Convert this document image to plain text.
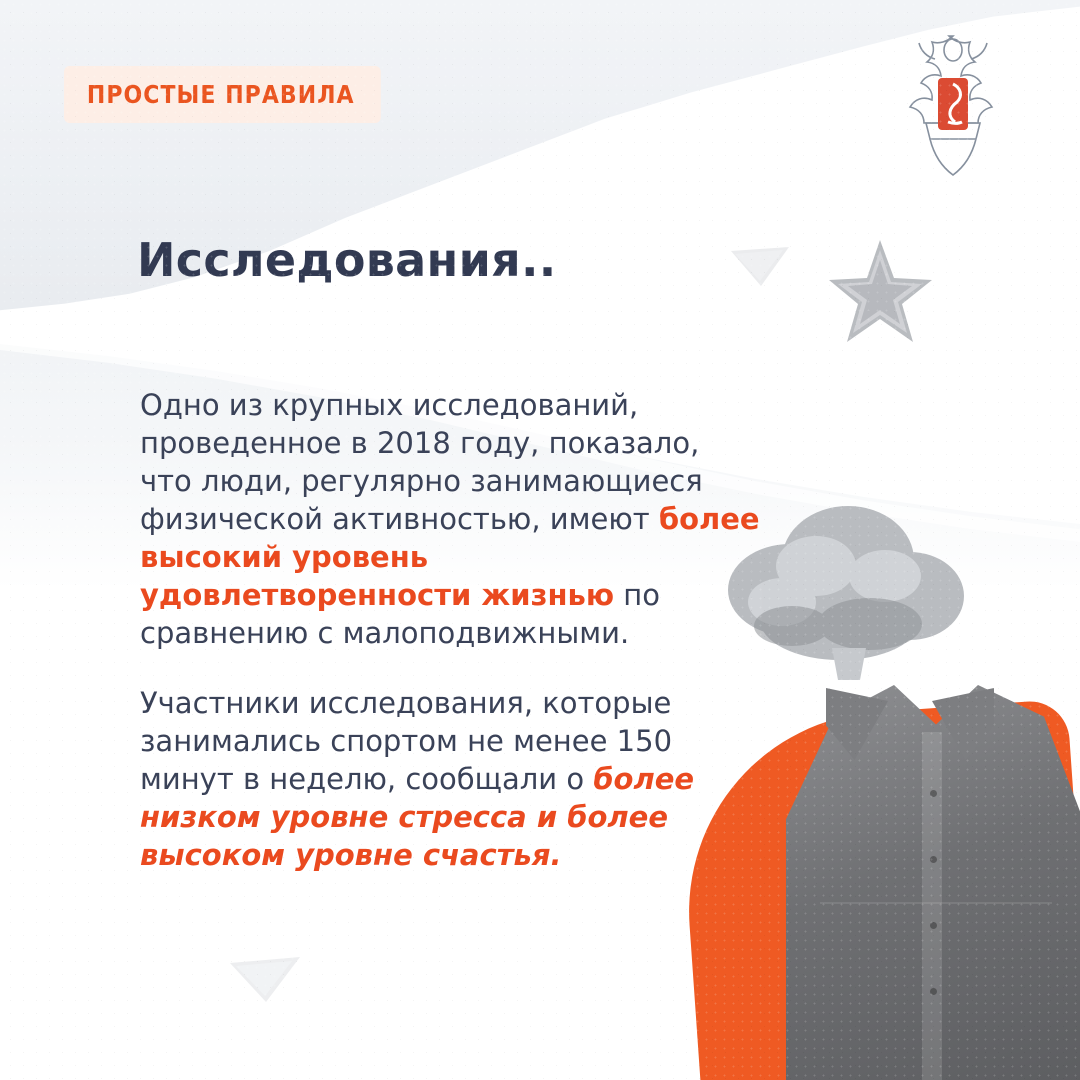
ПРОСТЫЕ ПРАВИЛА
Исследования..

Одно из крупных исследований, проведенное в 2018 году, показало, что люди, регулярно занимающиеся физической активностью, имеют более высокий уровень удовлетворенности жизнью по сравнению с малоподвижными.

Участники исследования, которые занимались спортом не менее 150 минут в неделю, сообщали о более низком уровне стресса и более высоком уровне счастья.
